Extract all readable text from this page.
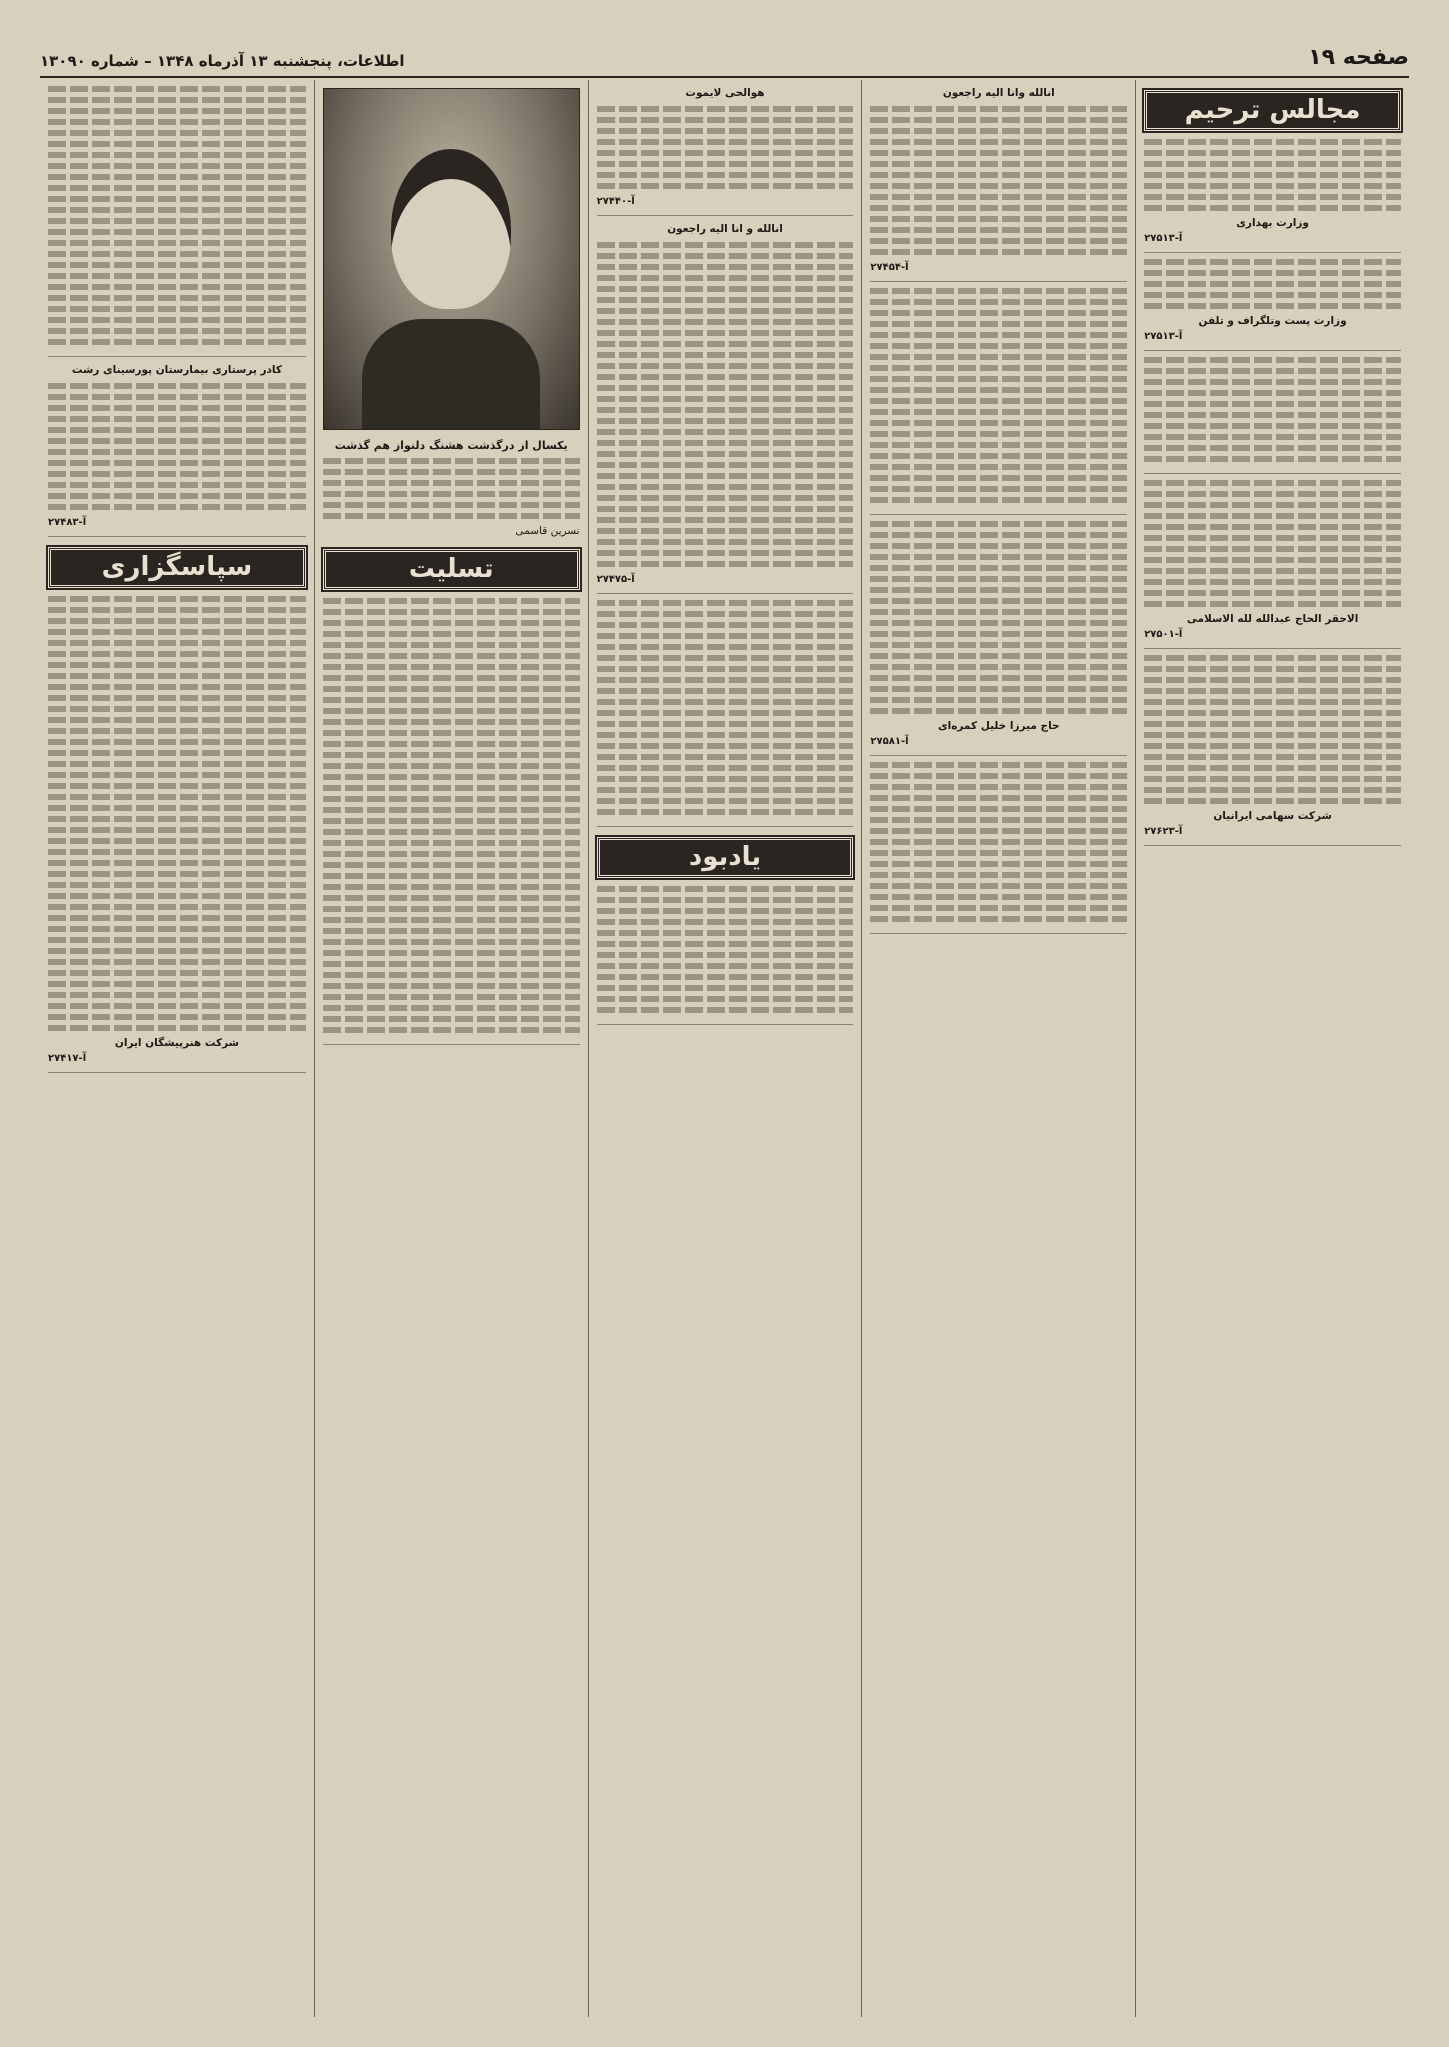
صفحه ۱۹
اطلاعات، پنجشنبه ۱۳ آذرماه ۱۳۴۸ – شماره ۱۳۰۹۰
مجالس ترحیم
وزارت بهداری
آ-۲۷۵۱۳
وزارت پست وتلگراف و تلفن
آ-۲۷۵۱۳
الاحقر الحاج عبدالله لله الاسلامی
آ-۲۷۵۰۱
شرکت سهامی ایرانیان
آ-۲۷۶۲۳
انالله وانا الیه راجعون
آ-۲۷۴۵۴
حاج میرزا خلیل کمره‌ای
آ-۲۷۵۸۱
هوالحی لایموت
آ-۲۷۴۴۰
انالله و انا الیه راجعون
آ-۲۷۴۷۵
یادبود
یکسال از درگذشت هشنگ دلنواز هم گذشت
نسرین قاسمی
تسلیت
کادر پرستاری بیمارستان پورسینای رشت
آ-۲۷۴۸۳
سپاسگزاری
شرکت هنرپیشگان ایران
آ-۲۷۴۱۷
